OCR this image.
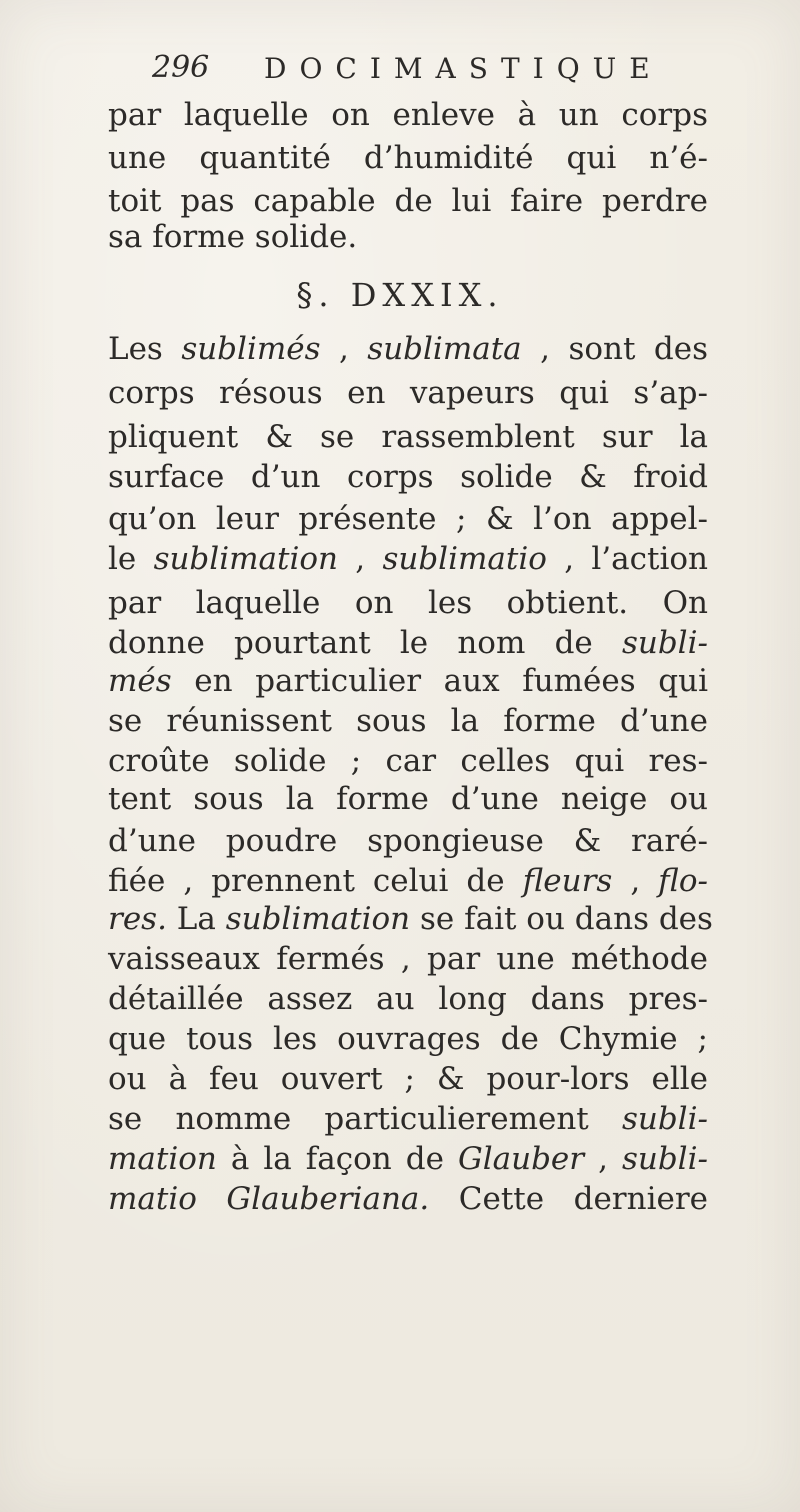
296 DOCIMASTIQUE
par laquelle on enleve à un corps
une quantité d’humidité qui n’é-
toit pas capable de lui faire perdre
sa forme solide.
§. DXXIX.
Les sublimés , sublimata , sont des
corps résous en vapeurs qui s’ap-
pliquent & se rassemblent sur la
surface d’un corps solide & froid
qu’on leur présente ; & l’on appel-
le sublimation , sublimatio , l’action
par laquelle on les obtient. On
donne pourtant le nom de subli-
més en particulier aux fumées qui
se réunissent sous la forme d’une
croûte solide ; car celles qui res-
tent sous la forme d’une neige ou
d’une poudre spongieuse & raré-
fiée , prennent celui de fleurs , flo-
res. La sublimation se fait ou dans des
vaisseaux fermés , par une méthode
détaillée assez au long dans pres-
que tous les ouvrages de Chymie ;
ou à feu ouvert ; & pour-lors elle
se nomme particulierement subli-
mation à la façon de Glauber , subli-
matio Glauberiana. Cette derniere
